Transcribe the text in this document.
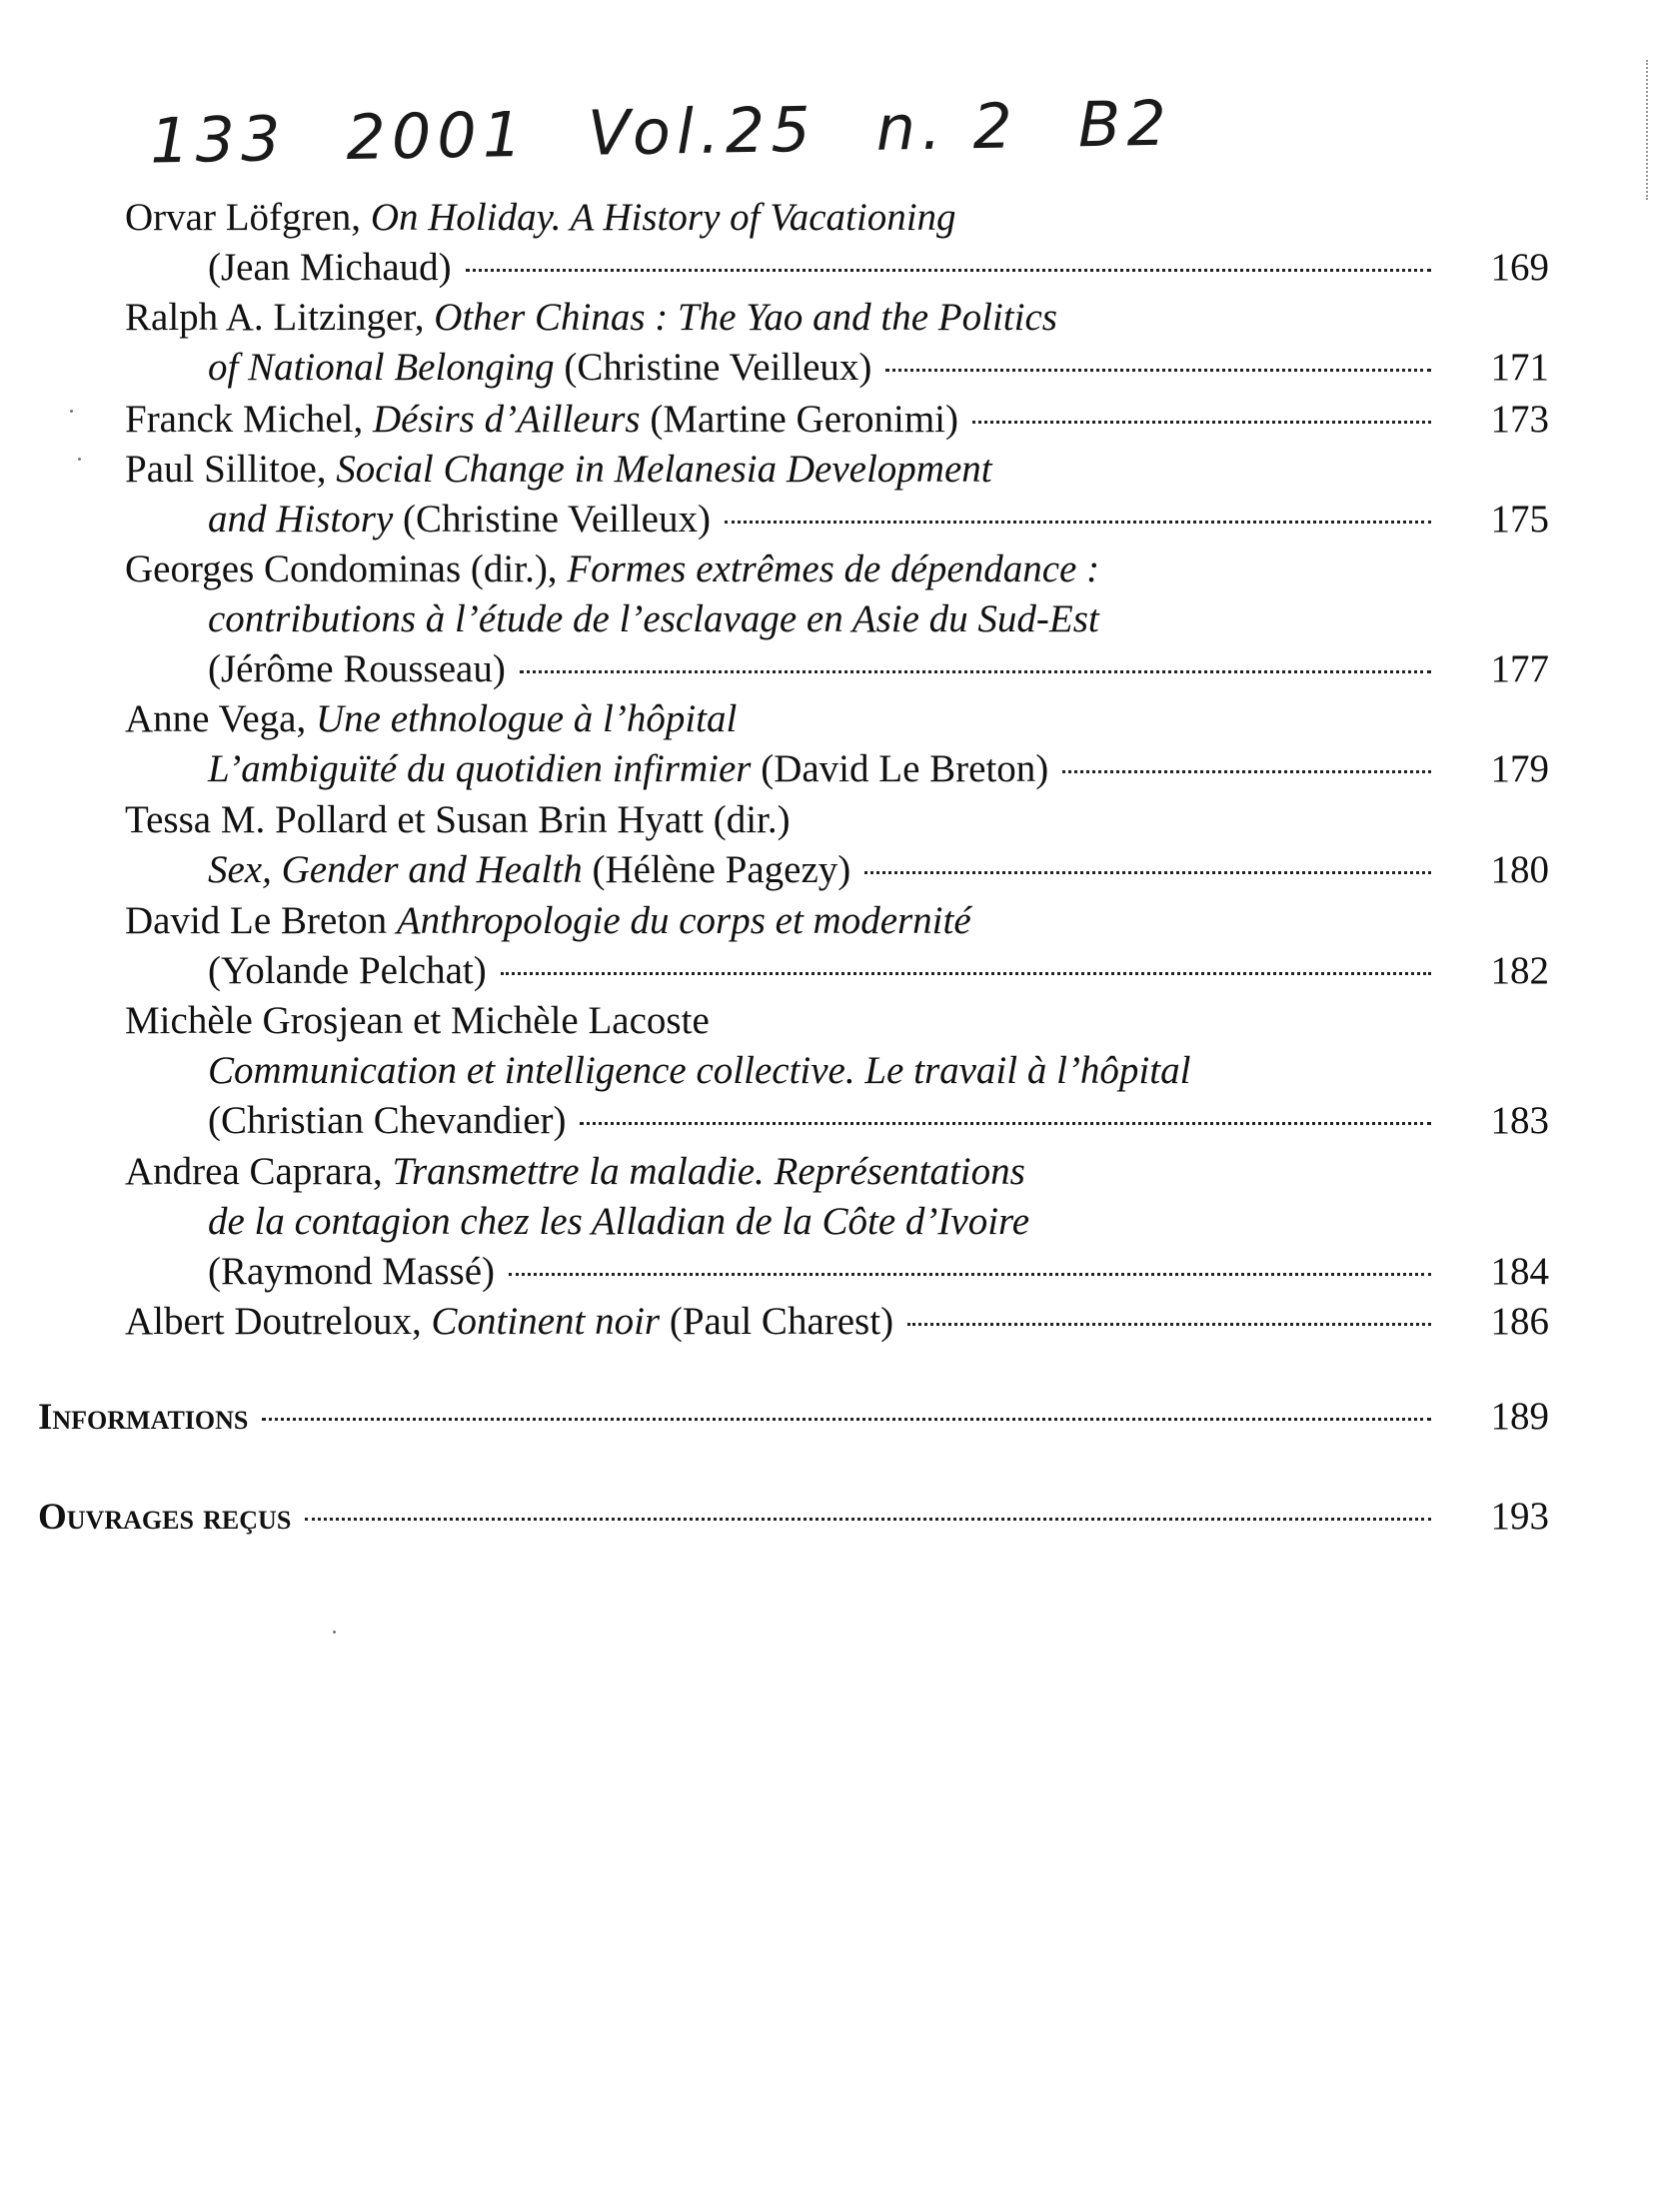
133 2001 Vol.25 n. 2 B2
Orvar Löfgren, On Holiday. A History of Vacationing
(Jean Michaud)	169
Ralph A. Litzinger, Other Chinas : The Yao and the Politics
of National Belonging (Christine Veilleux)	171
Franck Michel, Désirs d’Ailleurs (Martine Geronimi)	173
Paul Sillitoe, Social Change in Melanesia Development
and History (Christine Veilleux)	175
Georges Condominas (dir.), Formes extrêmes de dépendance :
contributions à l’étude de l’esclavage en Asie du Sud-Est
(Jérôme Rousseau)	177
Anne Vega, Une ethnologue à l’hôpital
L’ambiguïté du quotidien infirmier (David Le Breton)	179
Tessa M. Pollard et Susan Brin Hyatt (dir.)
Sex, Gender and Health (Hélène Pagezy)	180
David Le Breton Anthropologie du corps et modernité
(Yolande Pelchat)	182
Michèle Grosjean et Michèle Lacoste
Communication et intelligence collective. Le travail à l’hôpital
(Christian Chevandier)	183
Andrea Caprara, Transmettre la maladie. Représentations
de la contagion chez les Alladian de la Côte d’Ivoire
(Raymond Massé)	184
Albert Doutreloux, Continent noir (Paul Charest)	186
Informations	189
Ouvrages reçus	193
